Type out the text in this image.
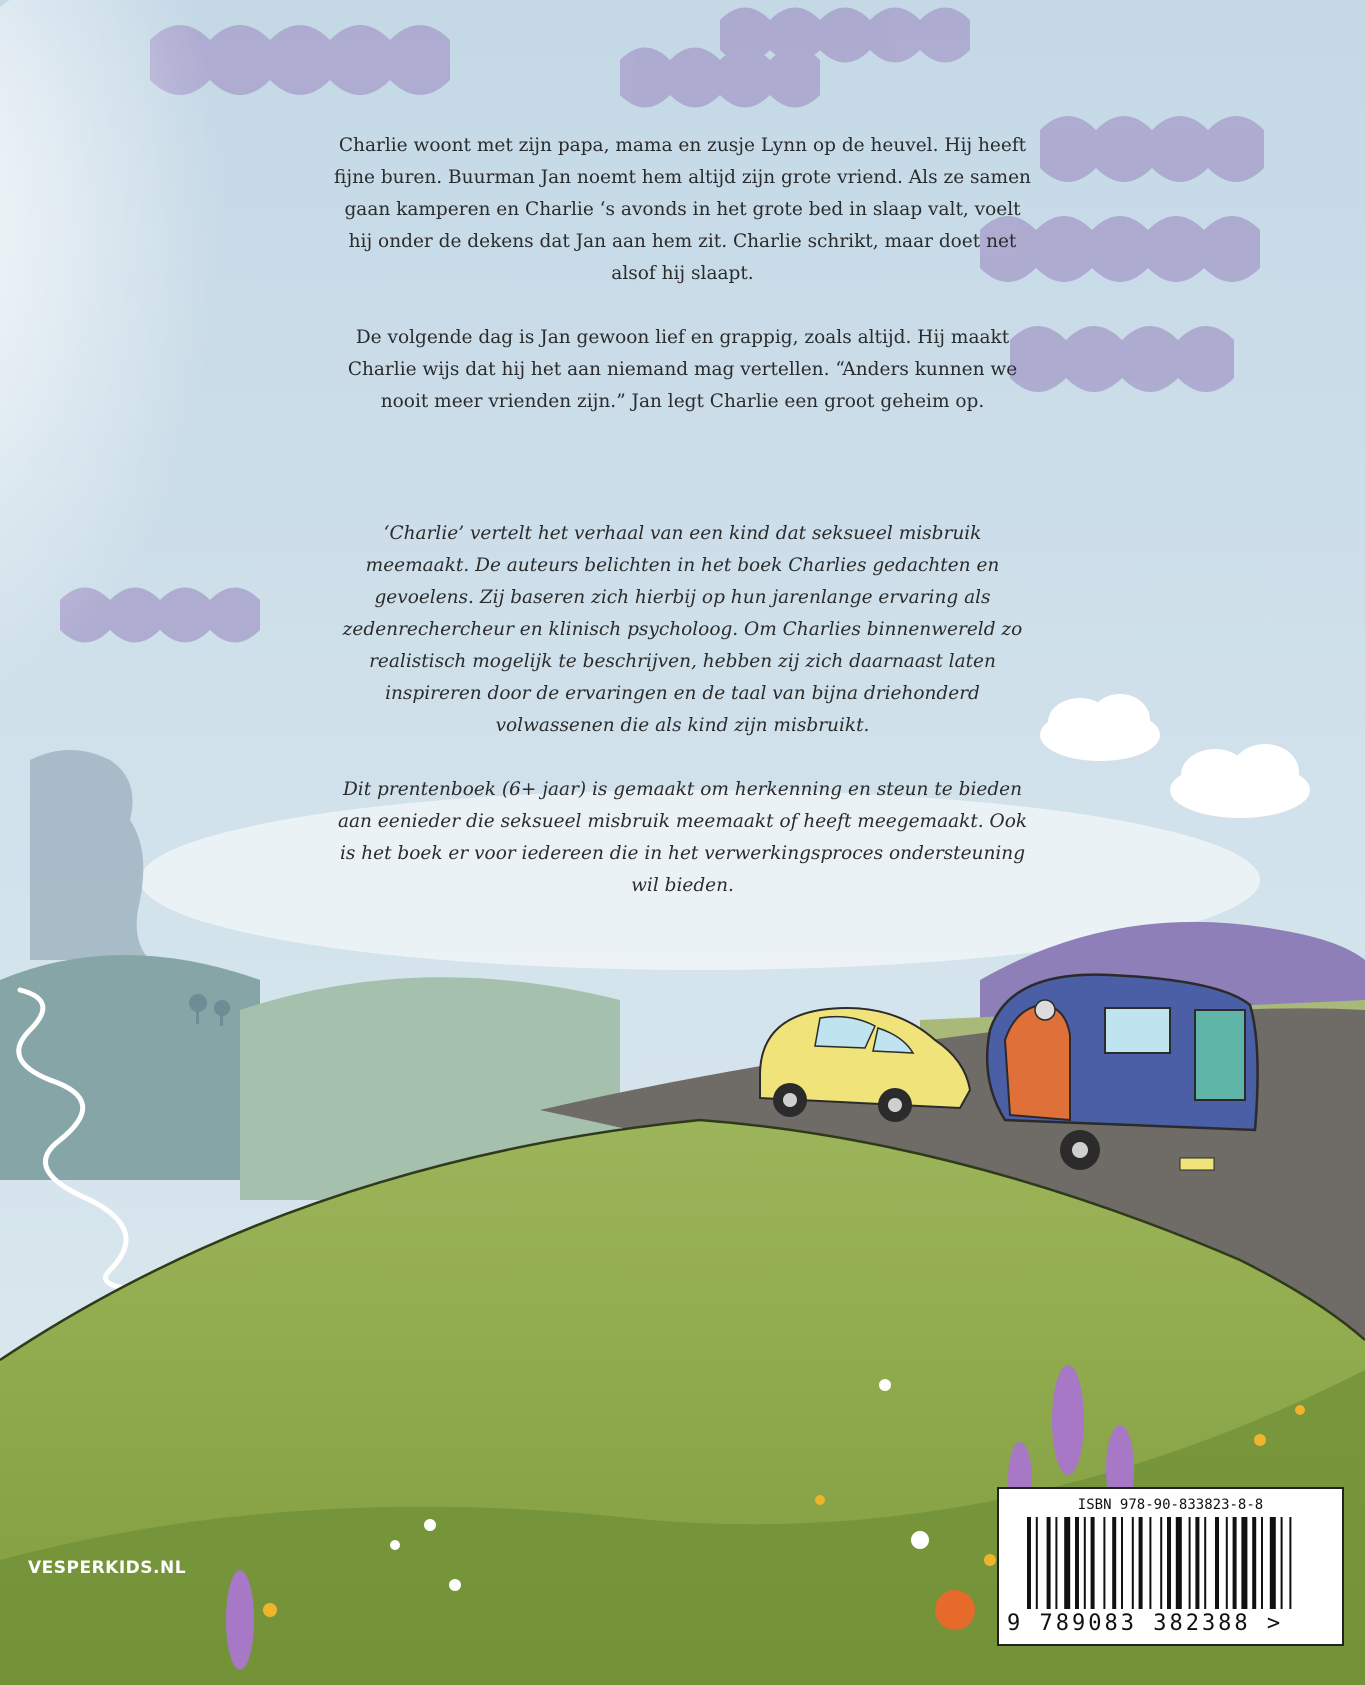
Charlie woont met zijn papa, mama en zusje Lynn op de heuvel. Hij heeft fijne buren. Buurman Jan noemt hem altijd zijn grote vriend. Als ze samen gaan kamperen en Charlie ‘s avonds in het grote bed in slaap valt, voelt hij onder de dekens dat Jan aan hem zit. Charlie schrikt, maar doet net alsof hij slaapt.

De volgende dag is Jan gewoon lief en grappig, zoals altijd. Hij maakt Charlie wijs dat hij het aan niemand mag vertellen. “Anders kunnen we nooit meer vrienden zijn.” Jan legt Charlie een groot geheim op.

‘Charlie’ vertelt het verhaal van een kind dat seksueel misbruik meemaakt. De auteurs belichten in het boek Charlies gedachten en gevoelens. Zij baseren zich hierbij op hun jarenlange ervaring als zedenrechercheur en klinisch psycholoog. Om Charlies binnenwereld zo realistisch mogelijk te beschrijven, hebben zij zich daarnaast laten inspireren door de ervaringen en de taal van bijna driehonderd volwassenen die als kind zijn misbruikt.

Dit prentenboek (6+ jaar) is gemaakt om herkenning en steun te bieden aan eenieder die seksueel misbruik meemaakt of heeft meegemaakt. Ook is het boek er voor iedereen die in het verwerkingsproces ondersteuning wil bieden.

VESPERKIDS.NL
ISBN 978-90-833823-8-8
9 789083 382388 >
